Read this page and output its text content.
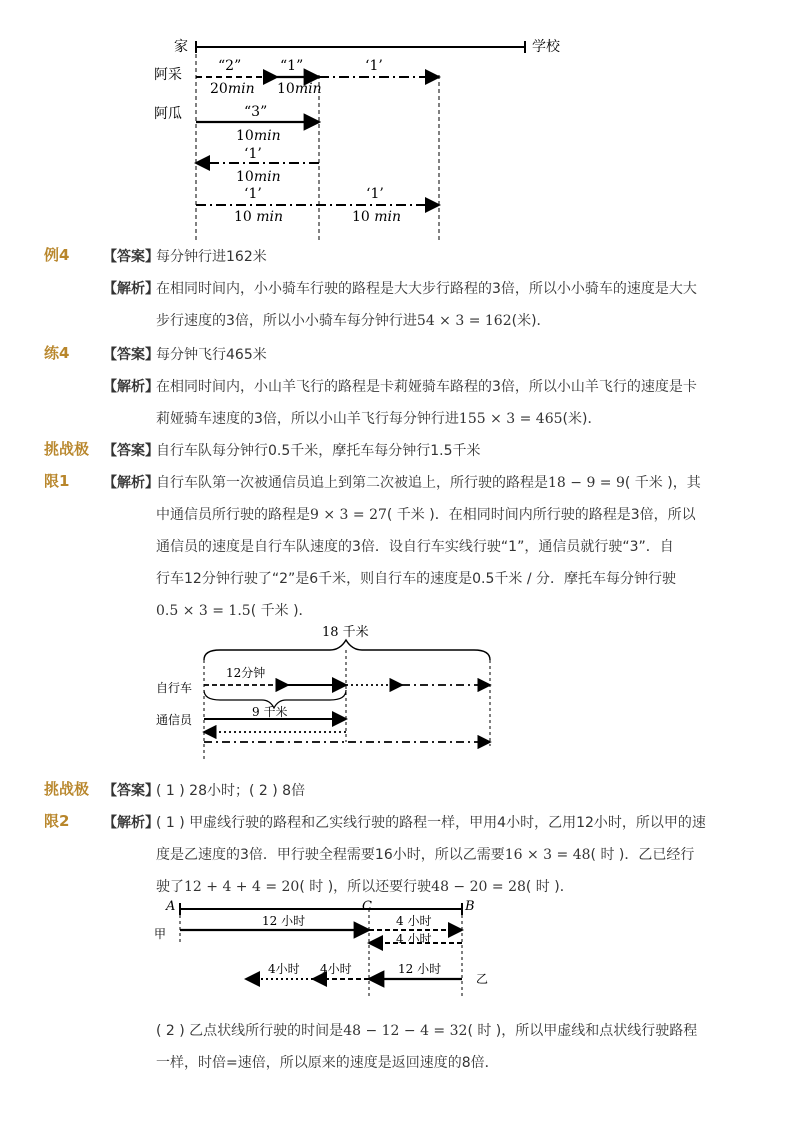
家	学校
阿采
“2”	“1”	‘1’
20min 10min
阿瓜	“3”
10min
‘1’
10min
‘1’	‘1’
10 min	10 min
例4 【答案】
每分钟行进162米
【解析】
在相同时间内，小小骑车行驶的路程是大大步行路程的3倍，所以小小骑车的速度是大大
步行速度的3倍，所以小小骑车每分钟行进54 × 3 = 162(米)．
练4 【答案】
每分钟飞行465米
【解析】
在相同时间内，小山羊飞行的路程是卡莉娅骑车路程的3倍，所以小山羊飞行的速度是卡
莉娅骑车速度的3倍，所以小山羊飞行每分钟行进155 × 3 = 465(米)．
挑战极 【答案】
自行车队每分钟行0.5千米，摩托车每分钟行1.5千米
限1 【解析】
自行车队第一次被通信员追上到第二次被追上，所行驶的路程是18 − 9 = 9( 千米 )，其
中通信员所行驶的路程是9 × 3 = 27( 千米 )．在相同时间内所行驶的路程是3倍，所以
通信员的速度是自行车队速度的3倍．设自行车实线行驶“1”，通信员就行驶“3”．自
行车12分钟行驶了“2”是6千米，则自行车的速度是0.5千米 / 分．摩托车每分钟行驶
0.5 × 3 = 1.5( 千米 )．
18 千米
自行车
12分钟
9 千米
通信员
挑战极 【答案】
( 1 ) 28小时；( 2 ) 8倍
限2 【解析】
( 1 ) 甲虚线行驶的路程和乙实线行驶的路程一样，甲用4小时，乙用12小时，所以甲的速
度是乙速度的3倍．甲行驶全程需要16小时，所以乙需要16 × 3 = 48( 时 )．乙已经行
驶了12 + 4 + 4 = 20( 时 )，所以还要行驶48 − 20 = 28( 时 )．
A	C	B
甲
12 小时	4 小时
4 小时
4小时 4小时	12 小时
乙
( 2 ) 乙点状线所行驶的时间是48 − 12 − 4 = 32( 时 )，所以甲虚线和点状线行驶路程
一样，时倍=速倍，所以原来的速度是返回速度的8倍．
